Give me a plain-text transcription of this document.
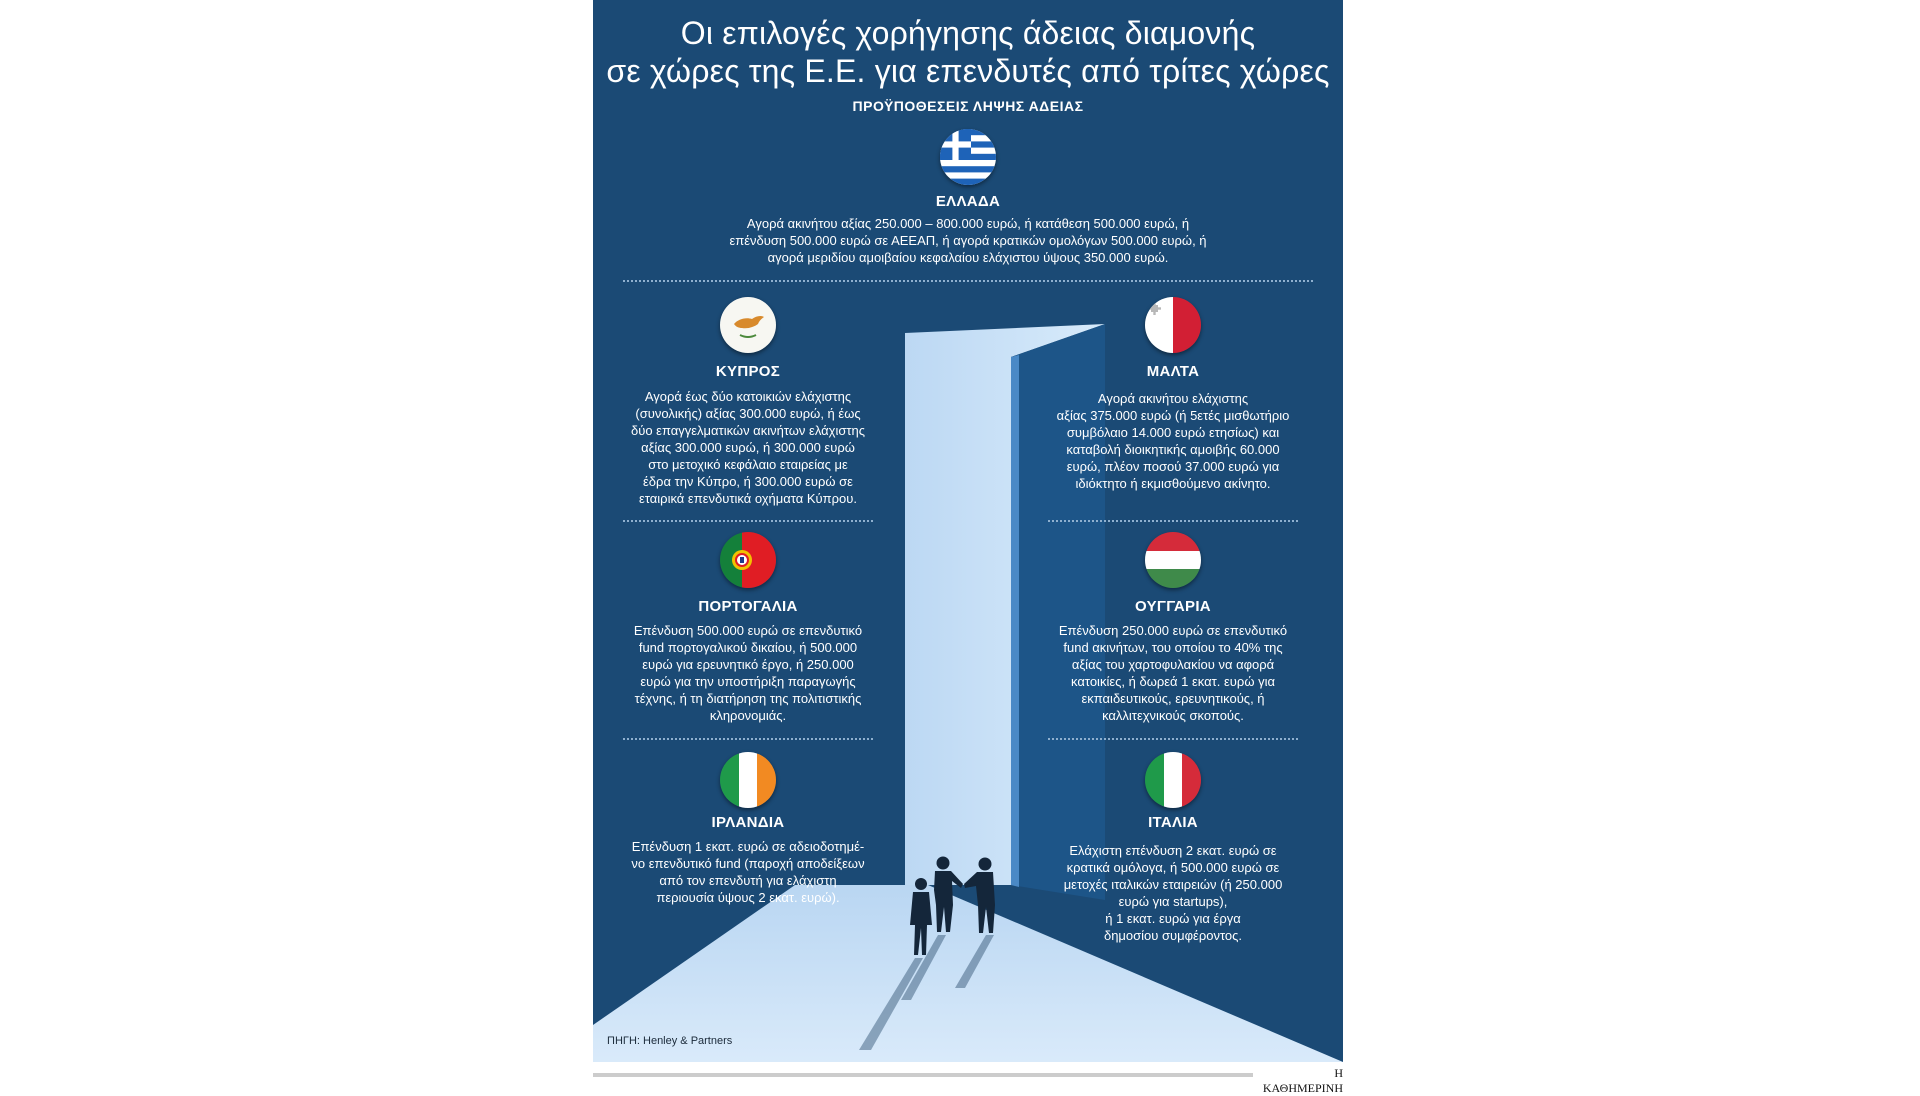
Οι επιλογές χορήγησης άδειας διαμονής
σε χώρες της Ε.Ε. για επενδυτές από τρίτες χώρες
ΠΡΟΫΠΟΘΕΣΕΙΣ ΛΗΨΗΣ ΑΔΕΙΑΣ
ΕΛΛΑΔΑ
Αγορά ακινήτου αξίας 250.000 – 800.000 ευρώ, ή κατάθεση 500.000 ευρώ, ή
επένδυση 500.000 ευρώ σε ΑΕΕΑΠ, ή αγορά κρατικών ομολόγων 500.000 ευρώ, ή
αγορά μεριδίου αμοιβαίου κεφαλαίου ελάχιστου ύψους 350.000 ευρώ.
ΚΥΠΡΟΣ
Αγορά έως δύο κατοικιών ελάχιστης
(συνολικής) αξίας 300.000 ευρώ, ή έως
δύο επαγγελματικών ακινήτων ελάχιστης
αξίας 300.000 ευρώ, ή 300.000 ευρώ
στο μετοχικό κεφάλαιο εταιρείας με
έδρα την Κύπρο, ή 300.000 ευρώ σε
εταιρικά επενδυτικά οχήματα Κύπρου.
ΜΑΛΤΑ
Αγορά ακινήτου ελάχιστης
αξίας 375.000 ευρώ (ή 5ετές μισθωτήριο
συμβόλαιο 14.000 ευρώ ετησίως) και
καταβολή διοικητικής αμοιβής 60.000
ευρώ, πλέον ποσού 37.000 ευρώ για
ιδιόκτητο ή εκμισθούμενο ακίνητο.
ΠΟΡΤΟΓΑΛΙΑ
Επένδυση 500.000 ευρώ σε επενδυτικό
fund πορτογαλικού δικαίου, ή 500.000
ευρώ για ερευνητικό έργο, ή 250.000
ευρώ για την υποστήριξη παραγωγής
τέχνης, ή τη διατήρηση της πολιτιστικής
κληρονομιάς.
ΟΥΓΓΑΡΙΑ
Επένδυση 250.000 ευρώ σε επενδυτικό
fund ακινήτων, του οποίου το 40% της
αξίας του χαρτοφυλακίου να αφορά
κατοικίες, ή δωρεά 1 εκατ. ευρώ για
εκπαιδευτικούς, ερευνητικούς, ή
καλλιτεχνικούς σκοπούς.
ΙΡΛΑΝΔΙΑ
Επένδυση 1 εκατ. ευρώ σε αδειοδοτημέ-
νο επενδυτικό fund (παροχή αποδείξεων
από τον επενδυτή για ελάχιστη
περιουσία ύψους 2 εκατ. ευρώ).
ΙΤΑΛΙΑ
Ελάχιστη επένδυση 2 εκατ. ευρώ σε
κρατικά ομόλογα, ή 500.000 ευρώ σε
μετοχές ιταλικών εταιρειών (ή 250.000
ευρώ για startups),
ή 1 εκατ. ευρώ για έργα
δημοσίου συμφέροντος.
ΠΗΓΗ: Henley & Partners
Η ΚΑΘΗΜΕΡΙΝΗ
